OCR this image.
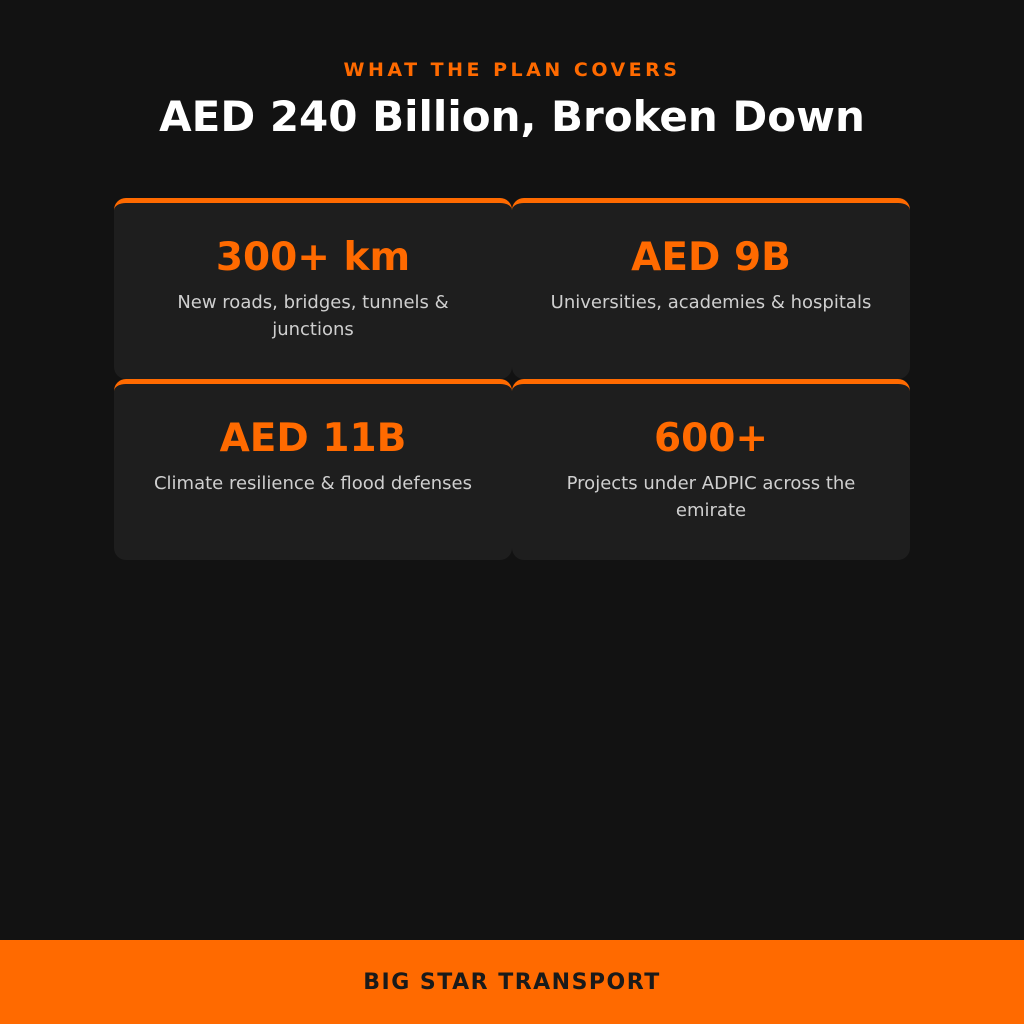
WHAT THE PLAN COVERS
AED 240 Billion, Broken Down
300+ km
New roads, bridges, tunnels & junctions
AED 9B
Universities, academies & hospitals
AED 11B
Climate resilience & flood defenses
600+
Projects under ADPIC across the emirate
BIG STAR TRANSPORT
